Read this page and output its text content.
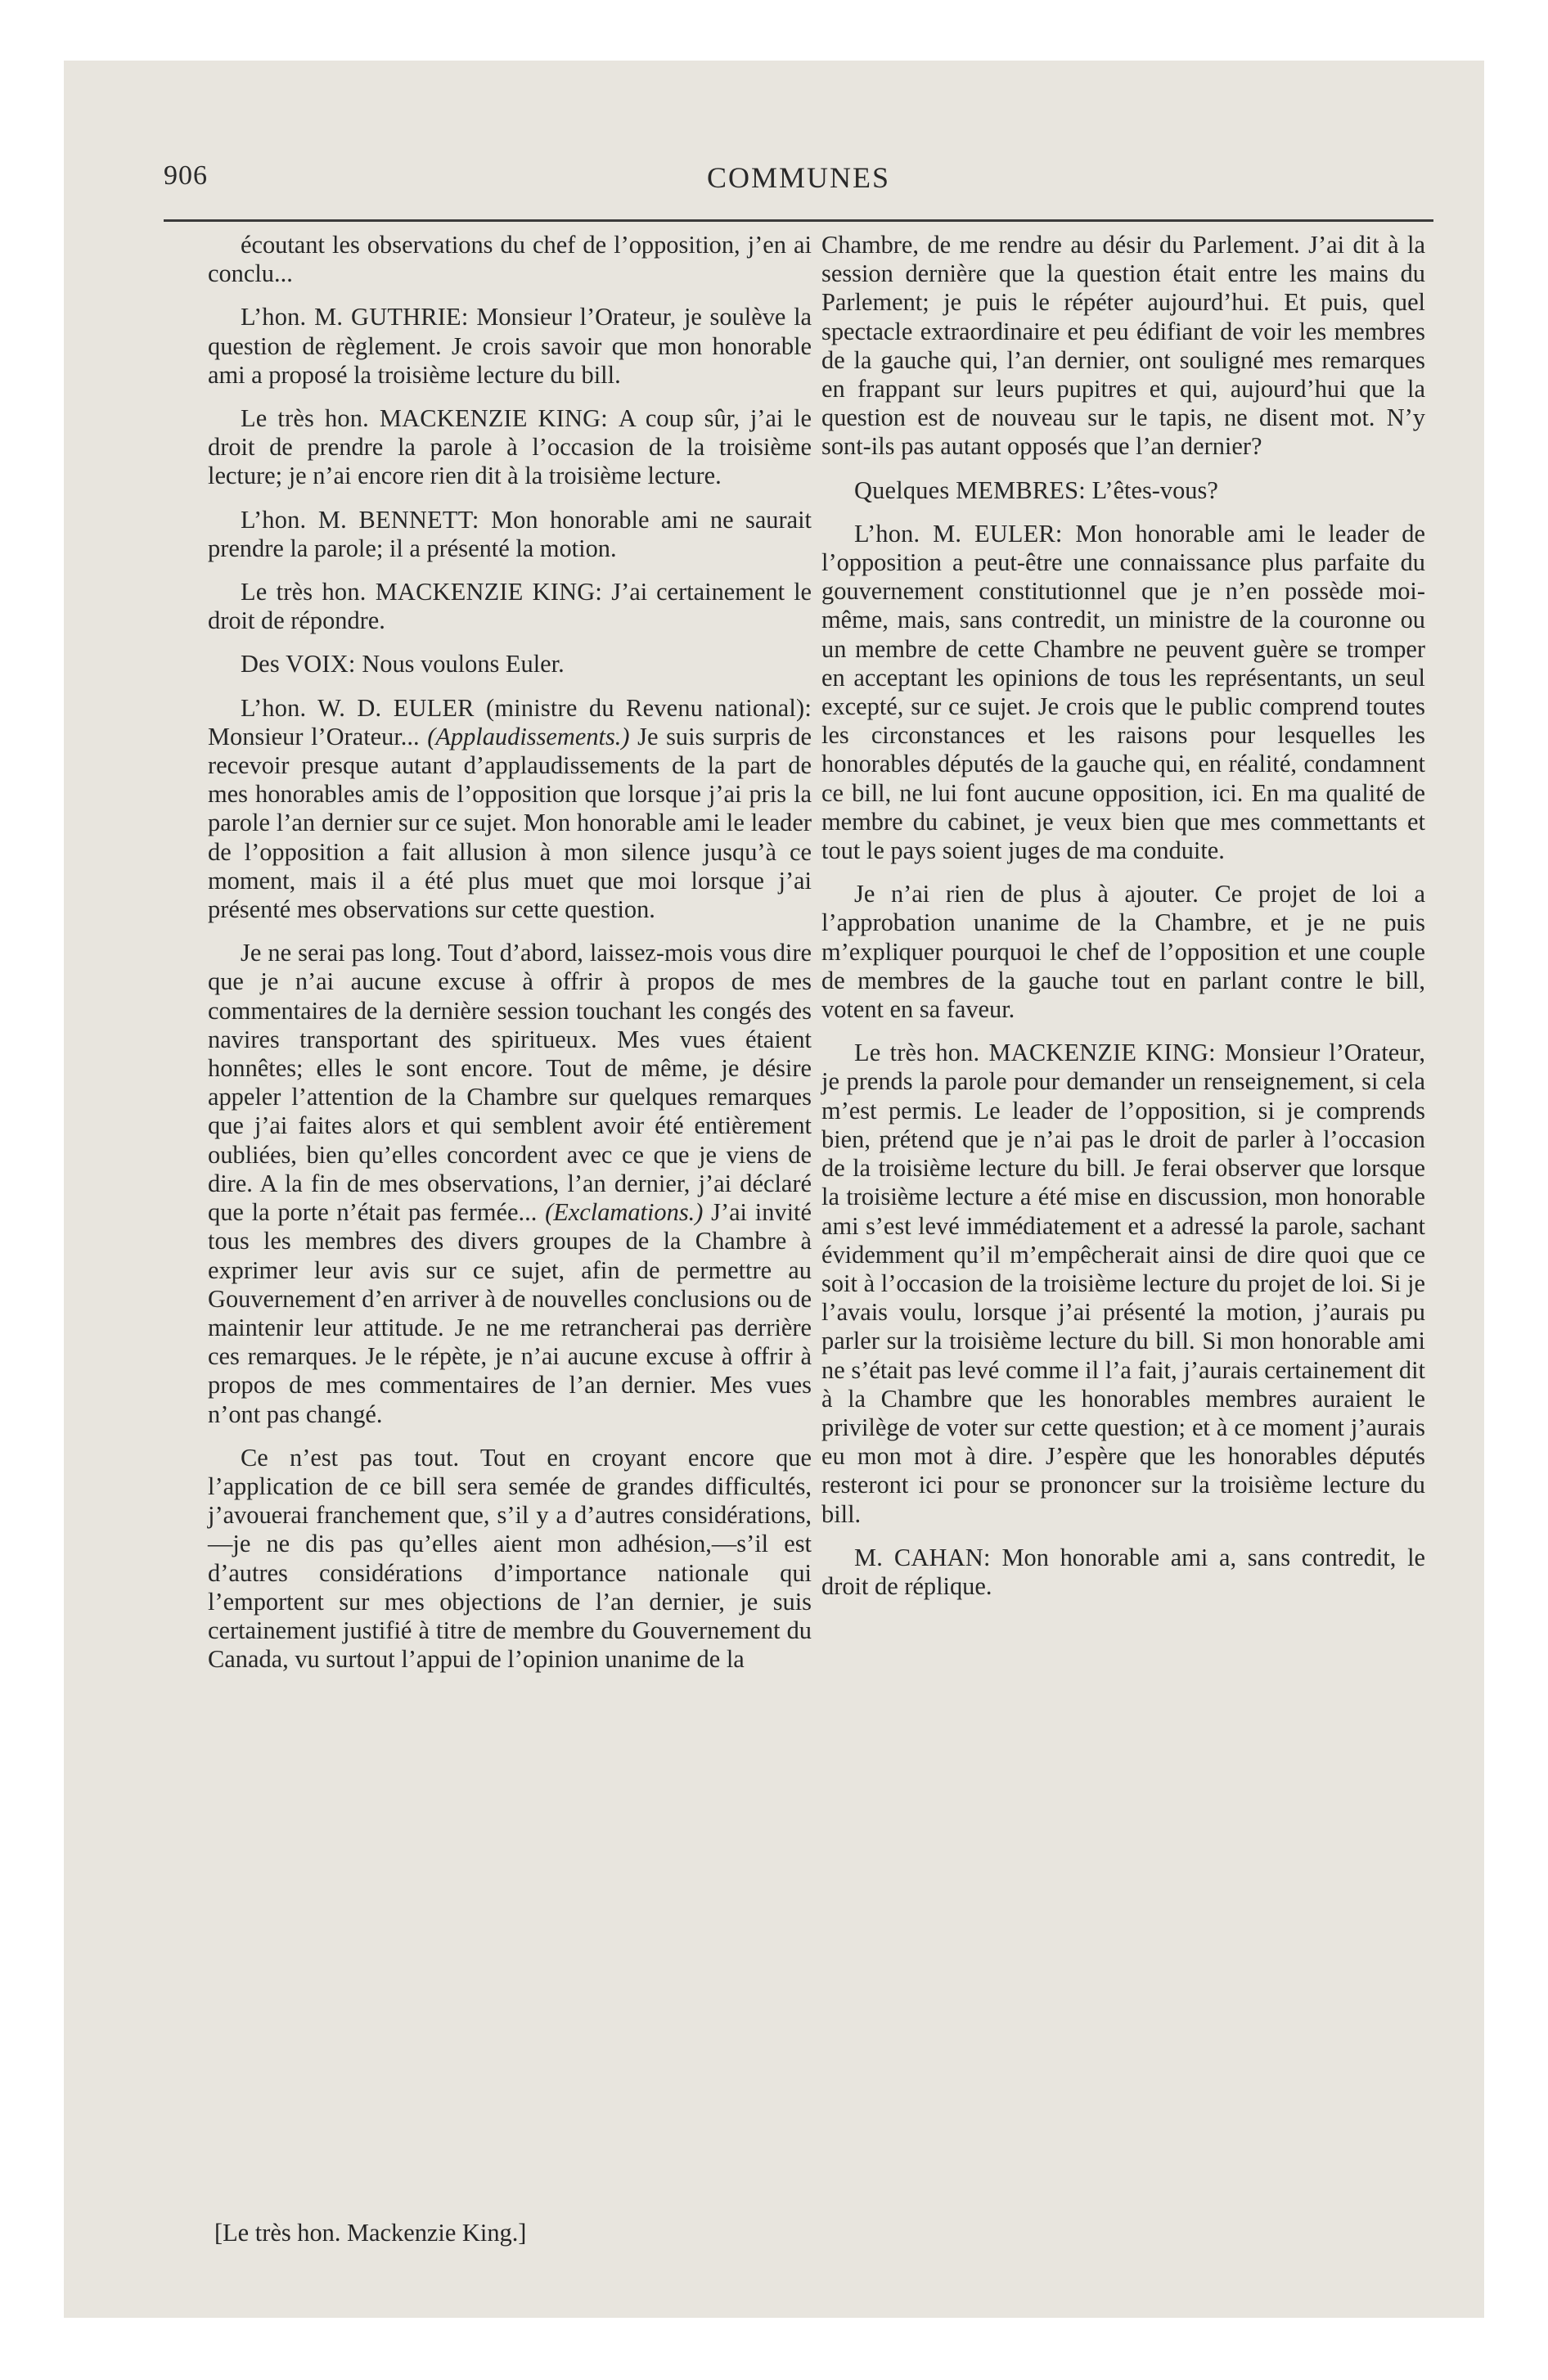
906	COMMUNES

écoutant les observations du chef de l’opposition, j’en ai conclu...

L’hon. M. GUTHRIE: Monsieur l’Orateur, je soulève la question de règlement. Je crois savoir que mon honorable ami a proposé la troisième lecture du bill.

Le très hon. MACKENZIE KING: A coup sûr, j’ai le droit de prendre la parole à l’occasion de la troisième lecture; je n’ai encore rien dit à la troisième lecture.

L’hon. M. BENNETT: Mon honorable ami ne saurait prendre la parole; il a présenté la motion.

Le très hon. MACKENZIE KING: J’ai certainement le droit de répondre.

Des VOIX: Nous voulons Euler.

L’hon. W. D. EULER (ministre du Revenu national): Monsieur l’Orateur... (Applaudissements.) Je suis surpris de recevoir presque autant d’applaudissements de la part de mes honorables amis de l’opposition que lorsque j’ai pris la parole l’an dernier sur ce sujet. Mon honorable ami le leader de l’opposition a fait allusion à mon silence jusqu’à ce moment, mais il a été plus muet que moi lorsque j’ai présenté mes observations sur cette question.

Je ne serai pas long. Tout d’abord, laissez-mois vous dire que je n’ai aucune excuse à offrir à propos de mes commentaires de la dernière session touchant les congés des navires transportant des spiritueux. Mes vues étaient honnêtes; elles le sont encore. Tout de même, je désire appeler l’attention de la Chambre sur quelques remarques que j’ai faites alors et qui semblent avoir été entièrement oubliées, bien qu’elles concordent avec ce que je viens de dire. A la fin de mes observations, l’an dernier, j’ai déclaré que la porte n’était pas fermée... (Exclamations.) J’ai invité tous les membres des divers groupes de la Chambre à exprimer leur avis sur ce sujet, afin de permettre au Gouvernement d’en arriver à de nouvelles conclusions ou de maintenir leur attitude. Je ne me retrancherai pas derrière ces remarques. Je le répète, je n’ai aucune excuse à offrir à propos de mes commentaires de l’an dernier. Mes vues n’ont pas changé.

Ce n’est pas tout. Tout en croyant encore que l’application de ce bill sera semée de grandes difficultés, j’avouerai franchement que, s’il y a d’autres considérations,—je ne dis pas qu’elles aient mon adhésion,—s’il est d’autres considérations d’importance nationale qui l’emportent sur mes objections de l’an dernier, je suis certainement justifié à titre de membre du Gouvernement du Canada, vu surtout l’appui de l’opinion unanime de la

Chambre, de me rendre au désir du Parlement. J’ai dit à la session dernière que la question était entre les mains du Parlement; je puis le répéter aujourd’hui. Et puis, quel spectacle extraordinaire et peu édifiant de voir les membres de la gauche qui, l’an dernier, ont souligné mes remarques en frappant sur leurs pupitres et qui, aujourd’hui que la question est de nouveau sur le tapis, ne disent mot. N’y sont-ils pas autant opposés que l’an dernier?

Quelques MEMBRES: L’êtes-vous?

L’hon. M. EULER: Mon honorable ami le leader de l’opposition a peut-être une connaissance plus parfaite du gouvernement constitutionnel que je n’en possède moimême, mais, sans contredit, un ministre de la couronne ou un membre de cette Chambre ne peuvent guère se tromper en acceptant les opinions de tous les représentants, un seul excepté, sur ce sujet. Je crois que le public comprend toutes les circonstances et les raisons pour lesquelles les honorables députés de la gauche qui, en réalité, condamnent ce bill, ne lui font aucune opposition, ici. En ma qualité de membre du cabinet, je veux bien que mes commettants et tout le pays soient juges de ma conduite.

Je n’ai rien de plus à ajouter. Ce projet de loi a l’approbation unanime de la Chambre, et je ne puis m’expliquer pourquoi le chef de l’opposition et une couple de membres de la gauche tout en parlant contre le bill, votent en sa faveur.

Le très hon. MACKENZIE KING: Monsieur l’Orateur, je prends la parole pour demander un renseignement, si cela m’est permis. Le leader de l’opposition, si je comprends bien, prétend que je n’ai pas le droit de parler à l’occasion de la troisième lecture du bill. Je ferai observer que lorsque la troisième lecture a été mise en discussion, mon honorable ami s’est levé immédiatement et a adressé la parole, sachant évidemment qu’il m’empêcherait ainsi de dire quoi que ce soit à l’occasion de la troisième lecture du projet de loi. Si je l’avais voulu, lorsque j’ai présenté la motion, j’aurais pu parler sur la troisième lecture du bill. Si mon honorable ami ne s’était pas levé comme il l’a fait, j’aurais certainement dit à la Chambre que les honorables membres auraient le privilège de voter sur cette question; et à ce moment j’aurais eu mon mot à dire. J’espère que les honorables députés resteront ici pour se prononcer sur la troisième lecture du bill.

M. CAHAN: Mon honorable ami a, sans contredit, le droit de réplique.

[Le très hon. Mackenzie King.]
